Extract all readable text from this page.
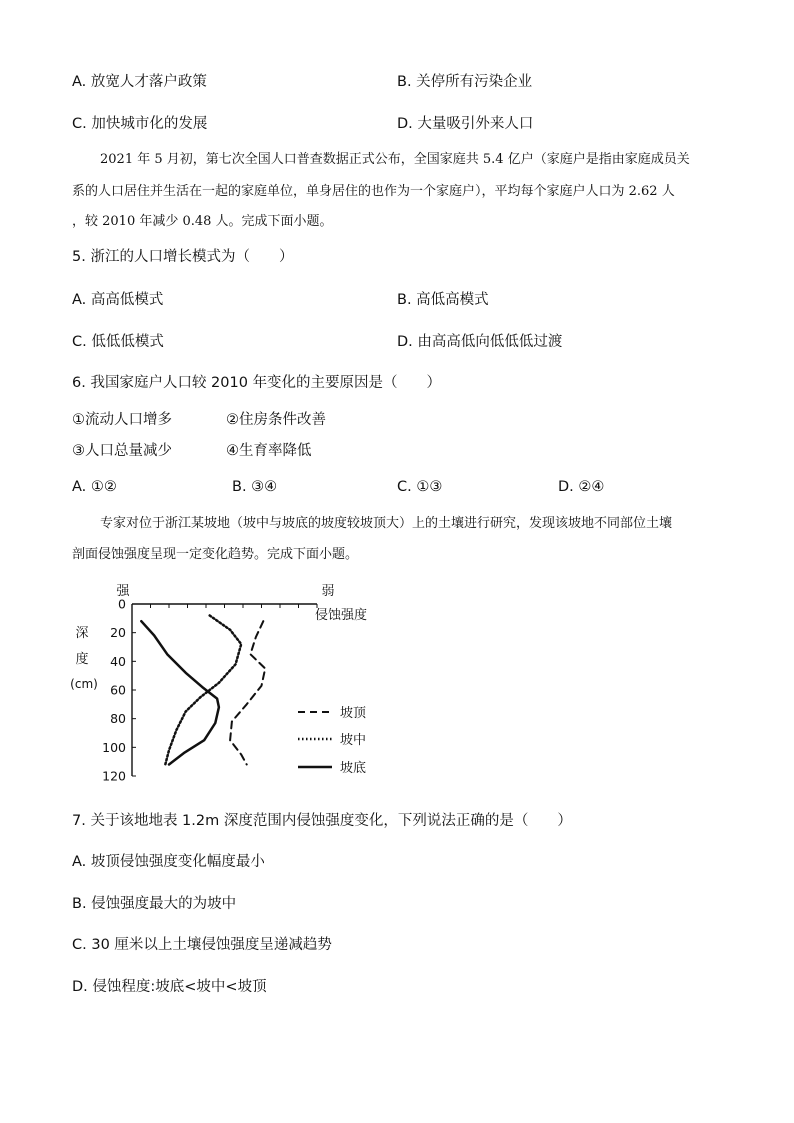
A. 放宽人才落户政策	B. 关停所有污染企业
C. 加快城市化的发展	D. 大量吸引外来人口
2021 年 5 月初，第七次全国人口普查数据正式公布，全国家庭共 5.4 亿户（家庭户是指由家庭成员关
系的人口居住并生活在一起的家庭单位，单身居住的也作为一个家庭户），平均每个家庭户人口为 2.62 人
，较 2010 年减少 0.48 人。完成下面小题。
5. 浙江的人口增长模式为（　　）
A. 高高低模式	B. 高低高模式
C. 低低低模式	D. 由高高低向低低低过渡
6. 我国家庭户人口较 2010 年变化的主要原因是（　　）
①流动人口增多	②住房条件改善
③人口总量减少	④生育率降低
A. ①②	B. ③④	C. ①③	D. ②④
专家对位于浙江某坡地（坡中与坡底的坡度较坡顶大）上的土壤进行研究，发现该坡地不同部位土壤
剖面侵蚀强度呈现一定变化趋势。完成下面小题。
强	弱
侵蚀强度
深
度
(cm)
0
20
40
60
80
100
120
坡顶
坡中
坡底
7. 关于该地地表 1.2m 深度范围内侵蚀强度变化，下列说法正确的是（　　）
A. 坡顶侵蚀强度变化幅度最小
B. 侵蚀强度最大的为坡中
C. 30 厘米以上土壤侵蚀强度呈递减趋势
D. 侵蚀程度:坡底<坡中<坡顶
